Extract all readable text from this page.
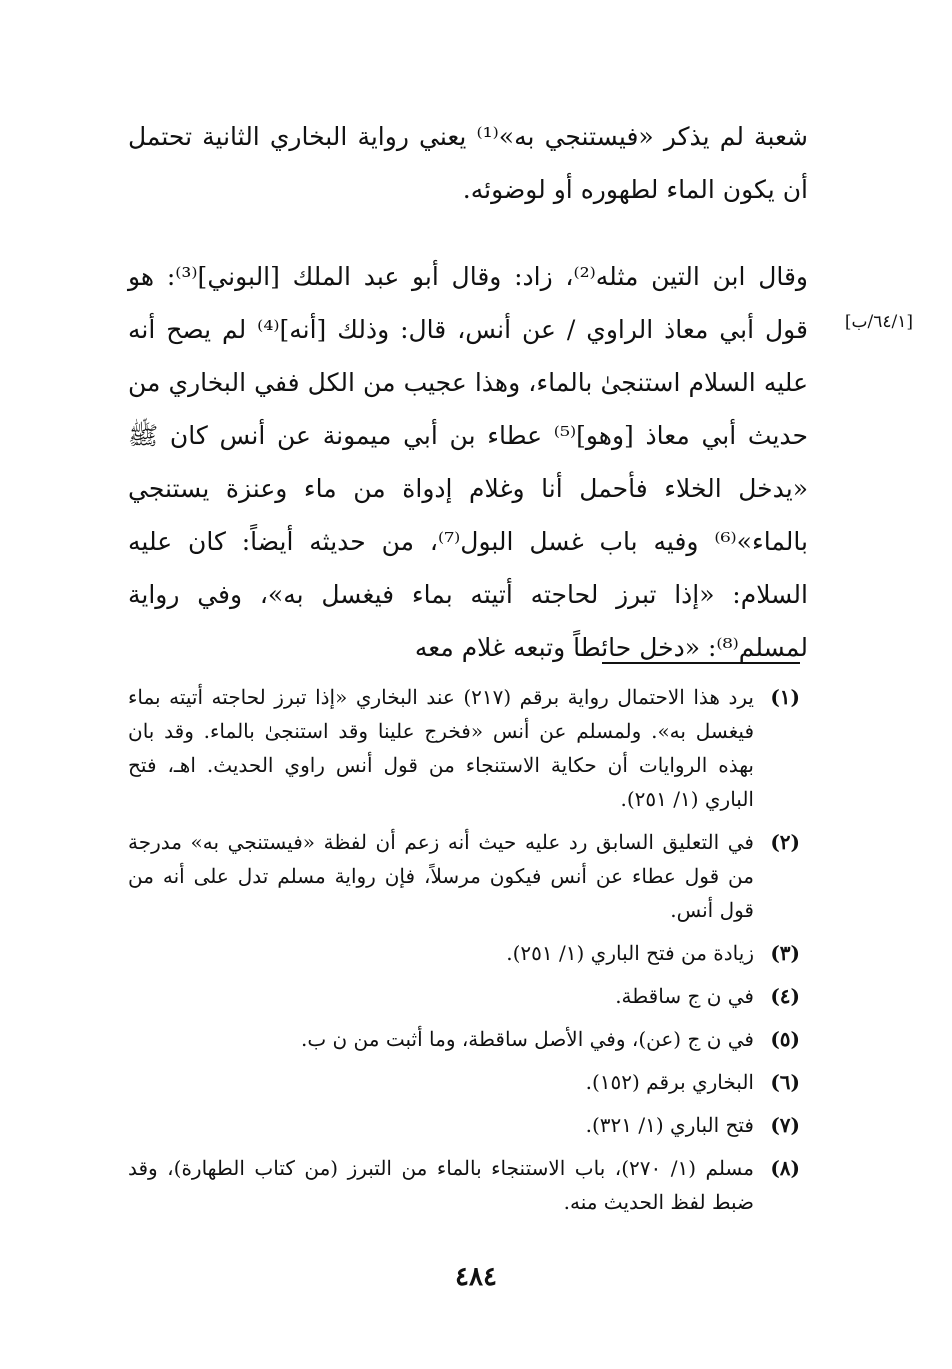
شعبة لم يذكر «فيستنجي به»⁽¹⁾ يعني رواية البخاري الثانية تحتمل أن يكون الماء لطهوره أو لوضوئه.

وقال ابن التين مثله⁽²⁾، زاد: وقال أبو عبد الملك [البوني]⁽³⁾: هو قول أبي معاذ الراوي / عن أنس، قال: وذلك [أنه]⁽⁴⁾ لم يصح أنه عليه السلام استنجىٰ بالماء، وهذا عجيب من الكل ففي البخاري من حديث أبي معاذ [وهو]⁽⁵⁾ عطاء بن أبي ميمونة عن أنس كان ﷺ «يدخل الخلاء فأحمل أنا وغلام إدواة من ماء وعنزة يستنجي بالماء»⁽⁶⁾ وفيه باب غسل البول⁽⁷⁾، من حديثه أيضاً: كان عليه السلام: «إذا تبرز لحاجته أتيته بماء فيغسل به»، وفي رواية لمسلم⁽⁸⁾: «دخل حائطاً وتبعه غلام معه

[٦٤/١/ب]
(١)
يرد هذا الاحتمال رواية برقم (٢١٧) عند البخاري «إذا تبرز لحاجته أتيته بماء فيغسل به». ولمسلم عن أنس «فخرج علينا وقد استنجىٰ بالماء. وقد بان بهذه الروايات أن حكاية الاستنجاء من قول أنس راوي الحديث. اهـ، فتح الباري (١/ ٢٥١).
(٢)
في التعليق السابق رد عليه حيث أنه زعم أن لفظة «فيستنجي به» مدرجة من قول عطاء عن أنس فيكون مرسلاً، فإن رواية مسلم تدل على أنه من قول أنس.
(٣)
زيادة من فتح الباري (١/ ٢٥١).
(٤)
في ن ج ساقطة.
(٥)
في ن ج (عن)، وفي الأصل ساقطة، وما أثبت من ن ب.
(٦)
البخاري برقم (١٥٢).
(٧)
فتح الباري (١/ ٣٢١).
(٨)
مسلم (١/ ٢٧٠)، باب الاستنجاء بالماء من التبرز (من كتاب الطهارة)، وقد ضبط لفظ الحديث منه.
٤٨٤
